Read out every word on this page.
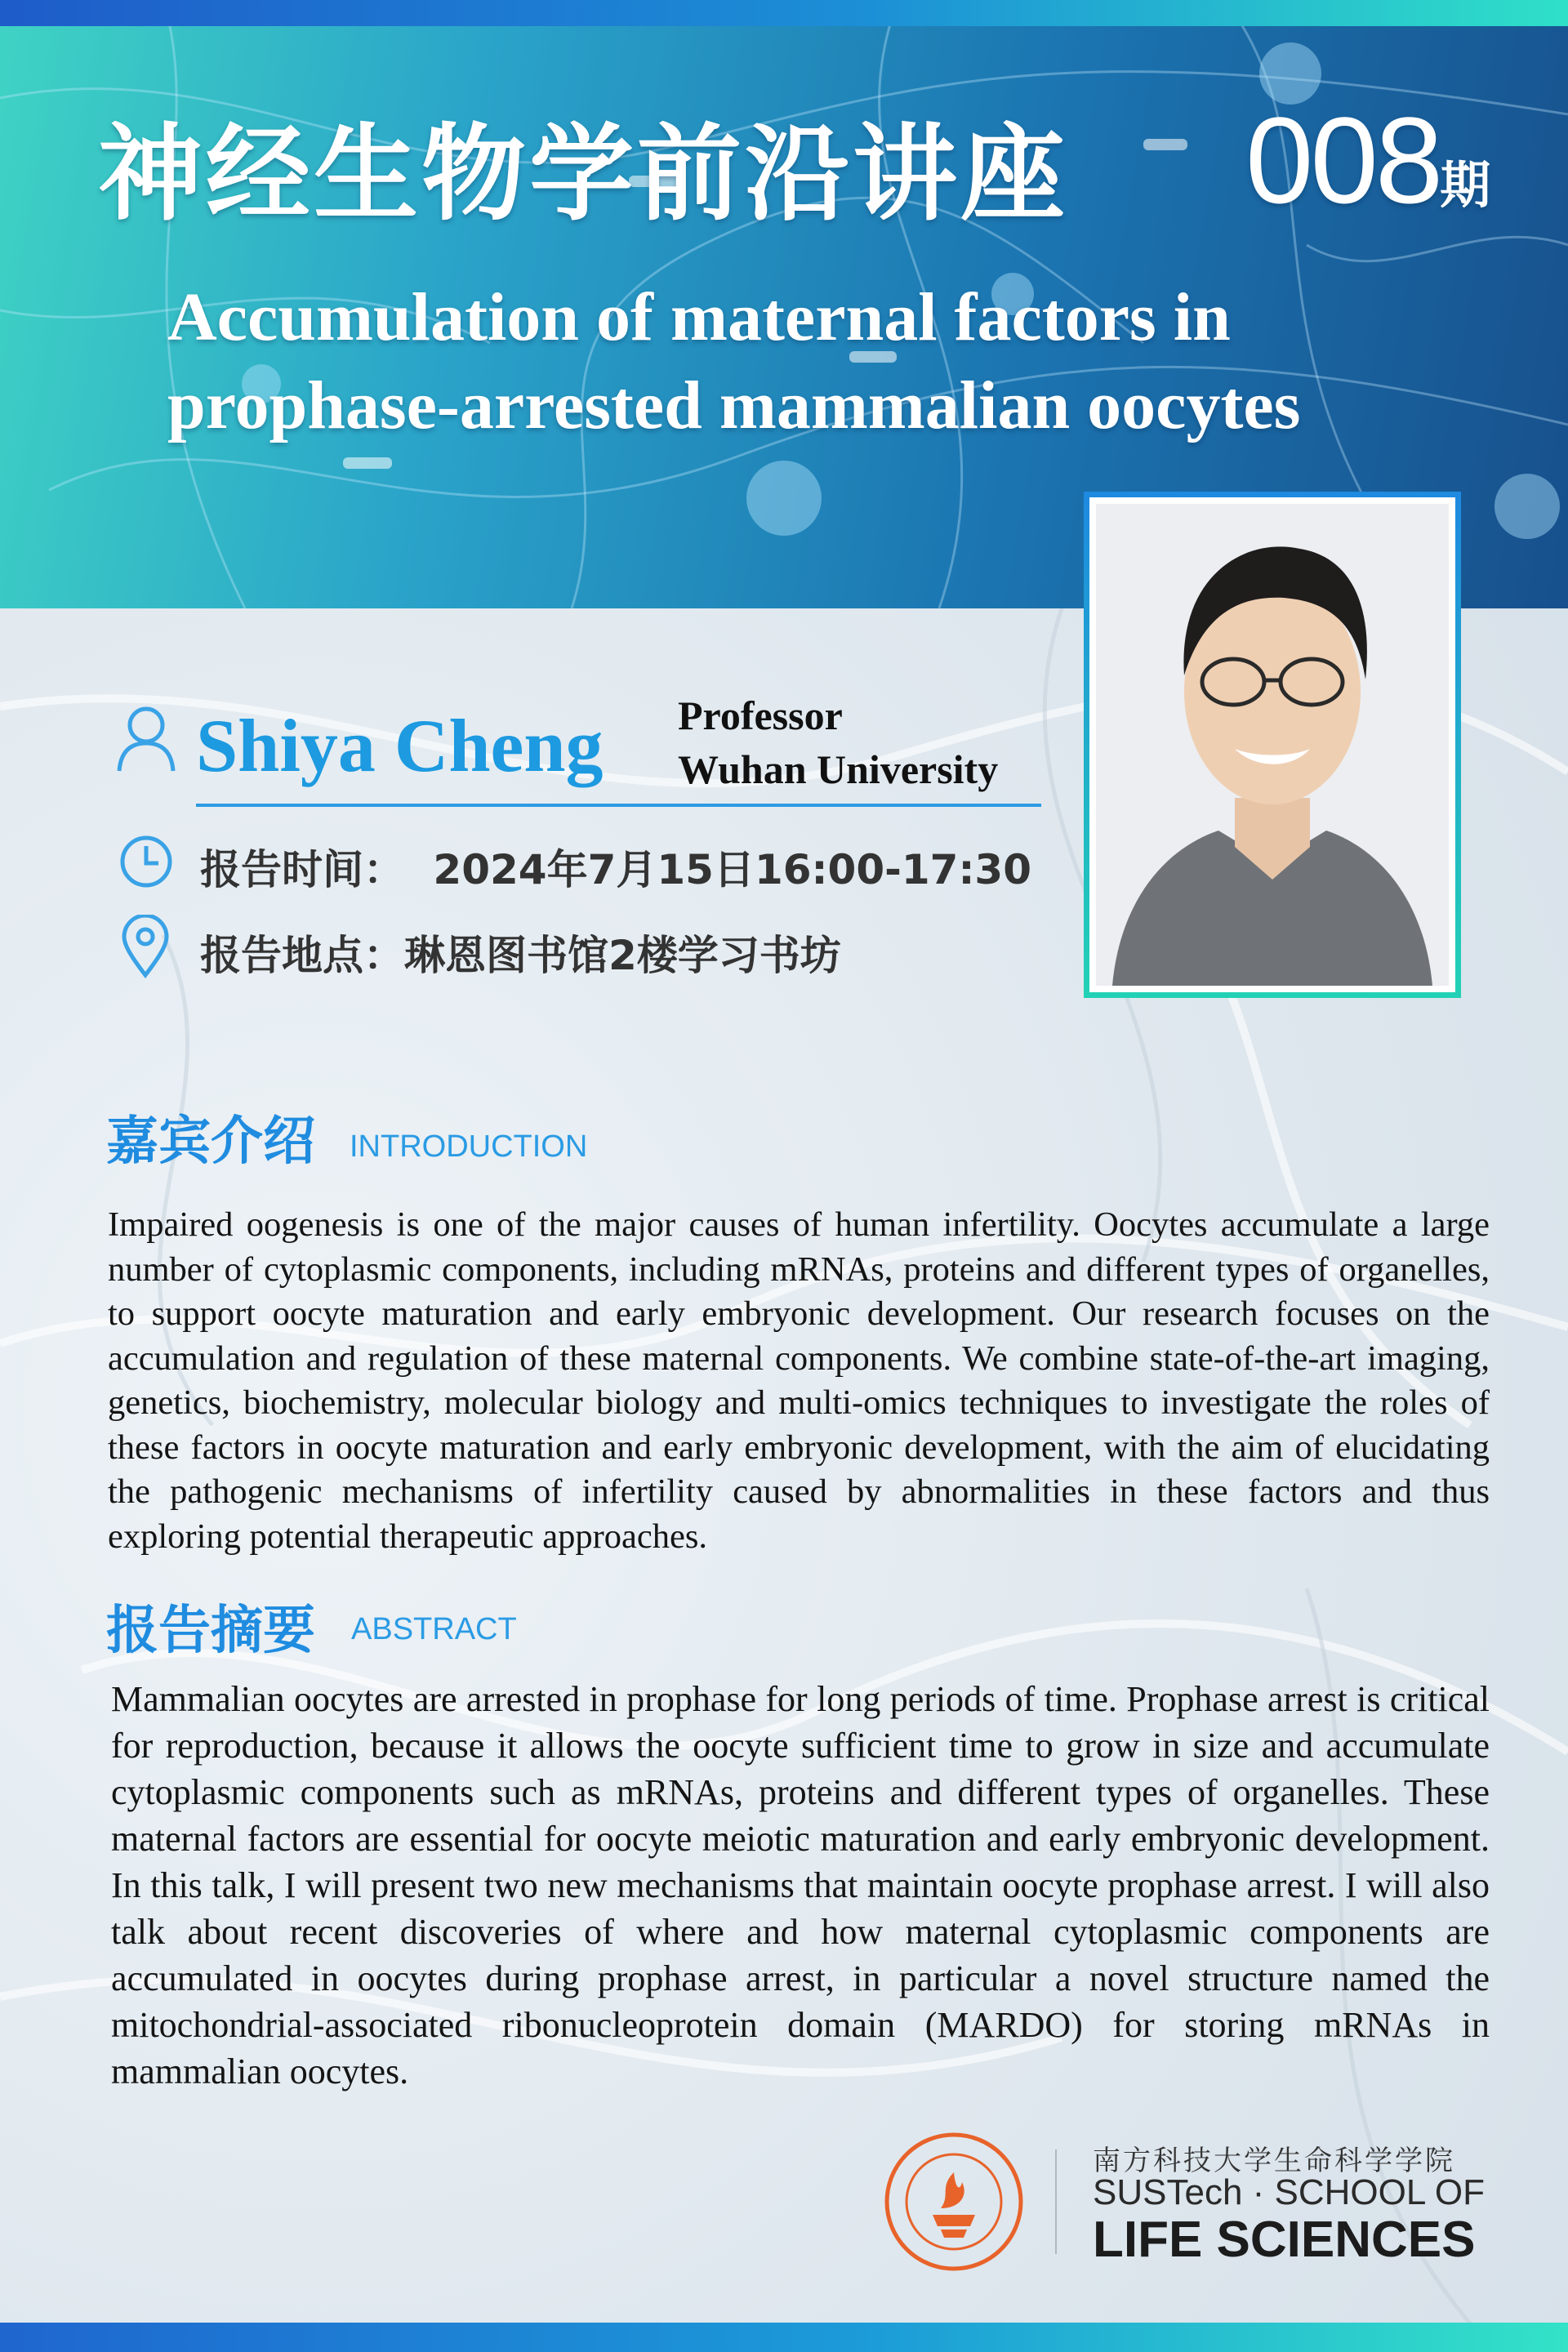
神经生物学前沿讲座 008期
Accumulation of maternal factors in
prophase-arrested mammalian oocytes
Shiya Cheng Professor
Wuhan University
报告时间： 2024年7月15日16:00-17:30
报告地点：琳恩图书馆2楼学习书坊
嘉宾介绍 INTRODUCTION
Impaired oogenesis is one of the major causes of human infertility. Oocytes accumulate a large number of cytoplasmic components, including mRNAs, proteins and different types of organelles, to support oocyte maturation and early embryonic development. Our research focuses on the accumulation and regulation of these maternal components. We combine state-of-the-art imaging, genetics, biochemistry, molecular biology and multi-omics techniques to investigate the roles of these factors in oocyte maturation and early embryonic development, with the aim of elucidating the pathogenic mechanisms of infertility caused by abnormalities in these factors and thus exploring potential therapeutic approaches.
报告摘要 ABSTRACT
Mammalian oocytes are arrested in prophase for long periods of time. Prophase arrest is critical for reproduction, because it allows the oocyte sufficient time to grow in size and accumulate cytoplasmic components such as mRNAs, proteins and different types of organelles. These maternal factors are essential for oocyte meiotic maturation and early embryonic development. In this talk, I will present two new mechanisms that maintain oocyte prophase arrest. I will also talk about recent discoveries of where and how maternal cytoplasmic components are accumulated in oocytes during prophase arrest, in particular a novel structure named the mitochondrial-associated ribonucleoprotein domain (MARDO) for storing mRNAs in mammalian oocytes.
南方科技大学生命科学学院
SUSTech · SCHOOL OF
LIFE SCIENCES
